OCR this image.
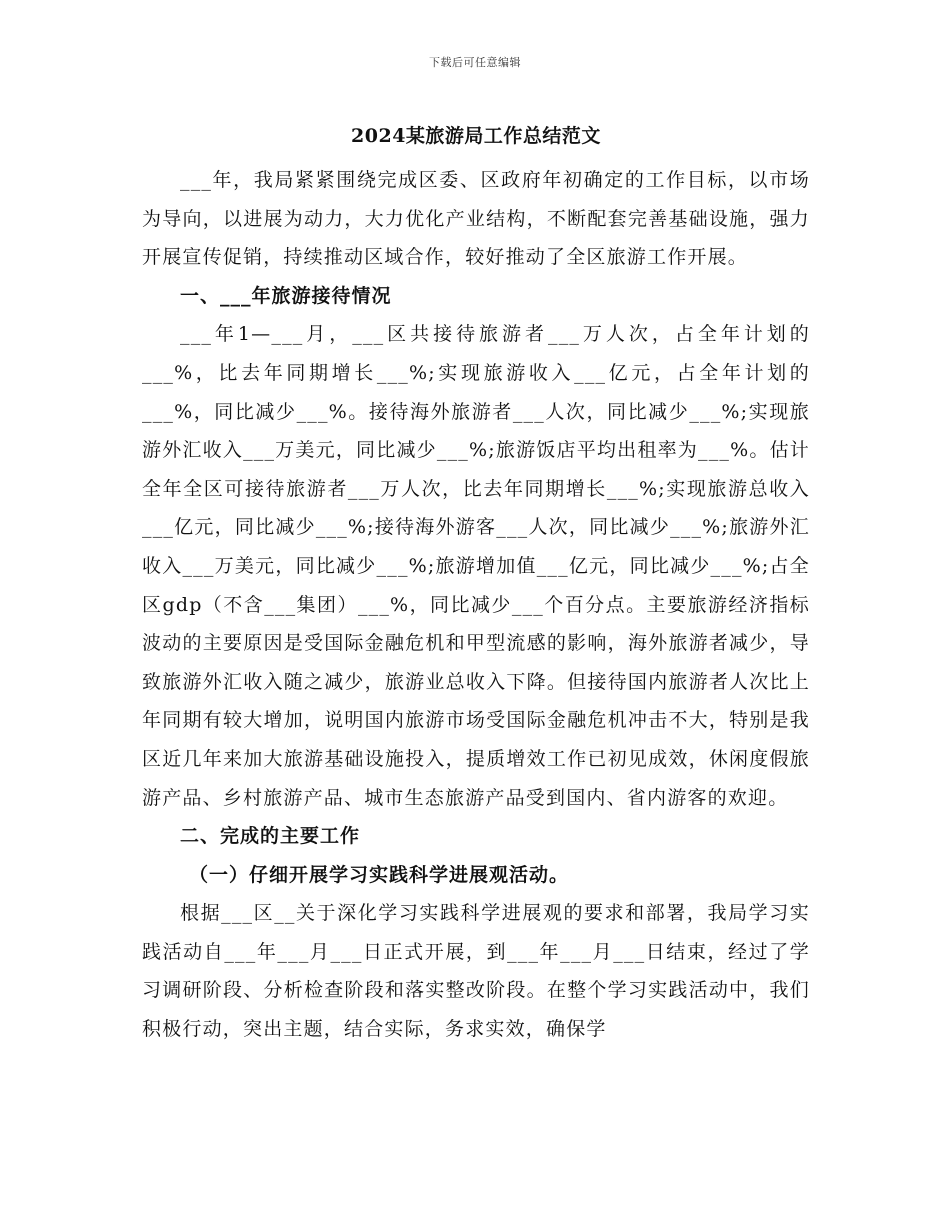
下载后可任意编辑
2024某旅游局工作总结范文

___年，我局紧紧围绕完成区委、区政府年初确定的工作目标，以市场为导向，以进展为动力，大力优化产业结构，不断配套完善基础设施，强力开展宣传促销，持续推动区域合作，较好推动了全区旅游工作开展。

一、___年旅游接待情况

___年1—___月，___区共接待旅游者___万人次，占全年计划的___%，比去年同期增长___%;实现旅游收入___亿元，占全年计划的___%，同比减少___%。接待海外旅游者___人次，同比减少___%;实现旅游外汇收入___万美元，同比减少___%;旅游饭店平均出租率为___%。估计全年全区可接待旅游者___万人次，比去年同期增长___%;实现旅游总收入___亿元，同比减少___%;接待海外游客___人次，同比减少___%;旅游外汇收入___万美元，同比减少___%;旅游增加值___亿元，同比减少___%;占全区gdp（不含___集团）___%，同比减少___个百分点。主要旅游经济指标波动的主要原因是受国际金融危机和甲型流感的影响，海外旅游者减少，导致旅游外汇收入随之减少，旅游业总收入下降。但接待国内旅游者人次比上年同期有较大增加，说明国内旅游市场受国际金融危机冲击不大，特别是我区近几年来加大旅游基础设施投入，提质增效工作已初见成效，休闲度假旅游产品、乡村旅游产品、城市生态旅游产品受到国内、省内游客的欢迎。

二、完成的主要工作

（一）仔细开展学习实践科学进展观活动。

根据___区__关于深化学习实践科学进展观的要求和部署，我局学习实践活动自___年___月___日正式开展，到___年___月___日结束，经过了学习调研阶段、分析检查阶段和落实整改阶段。在整个学习实践活动中，我们积极行动，突出主题，结合实际，务求实效，确保学
